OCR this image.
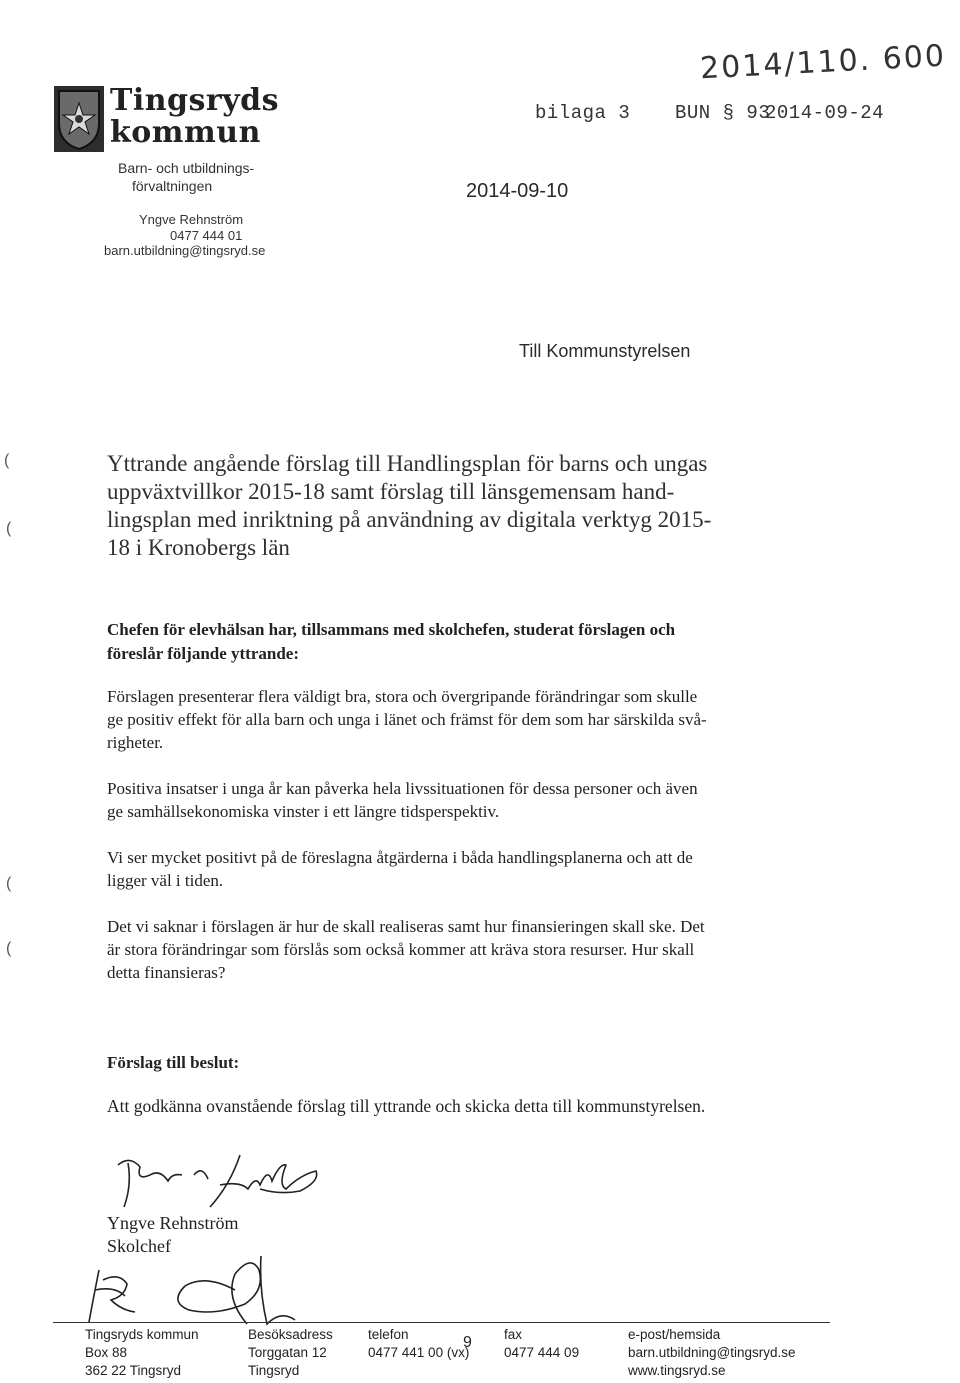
Tingsryds
kommun
Barn- och utbildnings-
förvaltningen
Yngve Rehnström
0477 444 01
barn.utbildning@tingsryd.se
2014/110. 600
bilaga 3 BUN § 93
2014-09-24
2014-09-10
Till Kommunstyrelsen
Yttrande angående förslag till Handlingsplan för barns och ungas
uppväxtvillkor 2015-18 samt förslag till länsgemensam hand-
lingsplan med inriktning på användning av digitala verktyg 2015-
18 i Kronobergs län
Chefen för elevhälsan har, tillsammans med skolchefen, studerat förslagen och
föreslår följande yttrande:
Förslagen presenterar flera väldigt bra, stora och övergripande förändringar som skulle
ge positiv effekt för alla barn och unga i länet och främst för dem som har särskilda svå-
righeter.
Positiva insatser i unga år kan påverka hela livssituationen för dessa personer och även
ge samhällsekonomiska vinster i ett längre tidsperspektiv.
Vi ser mycket positivt på de föreslagna åtgärderna i båda handlingsplanerna och att de
ligger väl i tiden.
Det vi saknar i förslagen är hur de skall realiseras samt hur finansieringen skall ske. Det
är stora förändringar som förslås som också kommer att kräva stora resurser. Hur skall
detta finansieras?
Förslag till beslut:
Att godkänna ovanstående förslag till yttrande och skicka detta till kommunstyrelsen.
Yngve Rehnström
Skolchef
9
Tingsryds kommun
Box 88
362 22 Tingsryd
Besöksadress
Torggatan 12
Tingsryd
telefon
0477 441 00 (vx)
fax
0477 444 09
e-post/hemsida
barn.utbildning@tingsryd.se
www.tingsryd.se
(
(
(
(
